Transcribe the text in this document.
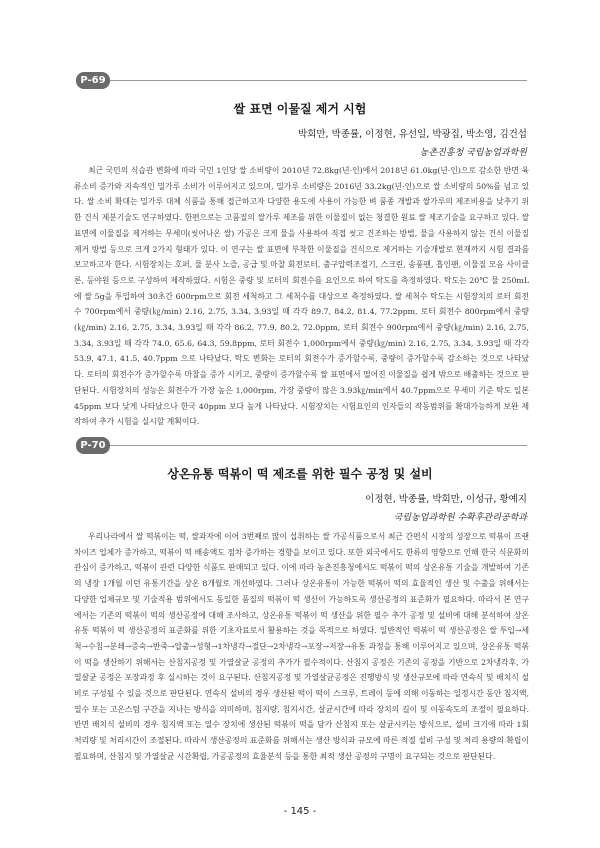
P-69
쌀 표면 이물질 제거 시험
박회만, 박종률, 이정현, 유선일, 박광집, 박소영, 김건섭
농촌진흥청 국립농업과학원

최근 국민의 식습관 변화에 따라 국민 1인당 쌀 소비량이 2010년 72.8kg(년·인)에서 2018년 61.0kg(년·인)으로 감소한 반면 육류소비 증가와 지속적인 밀가루 소비가 이루어지고 있으며, 밀가루 소비량은 2016년 33.2kg(년·인)으로 쌀 소비량의 50%를 넘고 있다. 쌀 소비 확대는 밀가루 대체 식품을 통해 접근하고자 다양한 용도에 사용이 가능한 벼 품종 개발과 쌀가루의 제조비용을 낮추기 위한 건식 제분기술도 연구하였다. 한편으로는 고품질의 쌀가루 제조를 위한 이물질이 없는 청결한 원료 쌀 제조기술을 요구하고 있다. 쌀 표면에 이물질을 제거하는 무세미(씻어나온 쌀) 가공은 크게 물을 사용하여 직접 씻고 건조하는 방법, 물을 사용하지 않는 건식 이물질 제거 방법 등으로 크게 2가지 형태가 있다. 이 연구는 쌀 표면에 부착한 이물질을 건식으로 제거하는 기술개발로 현재까지 시험 결과를 보고하고자 한다. 시험장치는 호퍼, 물 분사 노즐, 공급 및 마찰 회전로터, 출구압력조절기, 스크린, 송풍팬, 흡인팬, 이물질 모음 사이클론, 등야원 등으로 구성하여 제작하였다. 시험은 중량 및 로터의 회전수를 요인으로 하여 탁도를 측정하였다. 탁도는 20℃ 물 250mL에 쌀 5g을 투입하여 30초간 600rpm으로 회전 세척하고 그 세척수를 대상으로 측정하였다. 쌀 세척수 탁도는 시험장치의 로터 회전수 700rpm에서 중량(㎏/min) 2.16, 2.75, 3.34, 3.93일 때 각각 89.7, 84.2, 81.4, 77.2ppm, 로터 회전수 800rpm에서 중량(㎏/min) 2.16, 2.75, 3.34, 3.93일 때 각각 86.2, 77.9, 80.2, 72.0ppm, 로터 회전수 900rpm에서 중량(㎏/min) 2.16, 2.75, 3.34, 3.93일 때 각각 74.0, 65.6, 64.3, 59.8ppm, 로터 회전수 1,000rpm에서 중량(㎏/min) 2.16, 2.75, 3.34, 3.93일 때 각각53.9, 47.1, 41.5, 40.7ppm 으로 나타났다. 탁도 변화는 로터의 회전수가 증가할수록, 중량이 증가할수록 감소하는 것으로 나타났다. 로터의 회전수가 증가할수록 마찰을 증가 시키고, 중량이 증가할수록 쌀 표면에서 떨어진 이물질을 쉽게 밖으로 배출하는 것으로 판단된다. 시험장치의 성능은 회전수가 가장 높은 1,000rpm, 가장 중량이 많은 3.93㎏/min에서 40.7ppm으로 무세미 기준 탁도 일본 45ppm 보다 낮게 나타났으나 한국 40ppm 보다 높게 나타났다. 시험장치는 시험요인의 인자들의 작동범위를 확대가능하게 보완 제작하여 추가 시험을 실시할 계획이다.

P-70
상온유통 떡볶이 떡 제조를 위한 필수 공정 및 설비
이정현, 박종률, 박회만, 이성규, 황예지
국립농업과학원 수확후관리공학과

우리나라에서 쌀 떡볶이는 떡, 쌀과자에 이어 3번째로 많이 섭취하는 쌀 가공식품으로서 최근 간편식 시장의 성장으로 떡볶이 프랜차이즈 업체가 증가하고, 떡볶이 떡 배송액도 점차 증가하는 경향을 보이고 있다. 또한 외국에서도 한류의 영향으로 인해 한국 식문화의 관심이 증가하고, 떡볶이 관련 다양한 식품도 판매되고 있다. 이에 따라 농촌진흥청에서도 떡볶이 떡의 상온유통 기술을 개발하여 기존의 냉장 1개월 이던 유통기간을 상온 8개월로 개선하였다. 그러나 상온유통이 가능한 떡볶이 떡의 효율적인 생산 및 수출을 위해서는 다양한 업체규모 및 기술적용 범위에서도 동일한 품질의 떡볶이 떡 생산이 가능하도록 생산공정의 표준화가 필요하다. 따라서 본 연구에서는 기존의 떡볶이 떡의 생산공정에 대해 조사하고, 상온유통 떡볶이 떡 생산을 위한 필수 추가 공정 및 설비에 대해 분석하여 상온유통 떡볶이 떡 생산공정의 표준화를 위한 기초자료로서 활용하는 것을 목적으로 하였다. 일반적인 떡볶이 떡 생산공정은 쌀 투입→세척→수침→분쇄→증숙→반죽→압출→성형→1차냉각→절단→2차냉각→포장→저장→유통 과정을 통해 이루어지고 있으며, 상온유통 떡볶이 떡을 생산하기 위해서는 산침지공정 및 가열살균 공정의 추가가 필수적이다. 산침지 공정은 기존의 공정을 기반으로 2차냉각후, 가열살균 공정은 포장과정 후 실시하는 것이 요구된다. 산침지공정 및 가열살균공정은 진행방식 및 생산규모에 따라 연속식 및 배치식 설비로 구성될 수 있을 것으로 판단된다. 연속식 설비의 경우 생산된 떡이 떡이 스크루, 트레이 등에 의해 이동하는 일정시간 동안 침지액, 열수 또는 고온스팀 구간을 지나는 방식을 의미하며, 침지량, 침지시간, 살균시간에 따라 장치의 길이 및 이동속도의 조절이 필요하다. 반면 배치식 설비의 경우 침지액 또는 열수 장치에 생산된 떡볶이 떡을 담가 산침지 또는 살균시키는 방식으로, 설비 크기에 따라 1회 처리량 및 처리시간이 조절된다. 따라서 생산공정의 표준화를 위해서는 생산 방식과 규모에 따른 적절 설비 구성 및 처리 용량의 확립이 필요하며, 산침지 및 가열살균 시간확립, 가공공정의 효율분석 등을 통한 최적 생산 공정의 구명이 요구되는 것으로 판단된다.

- 145 -
